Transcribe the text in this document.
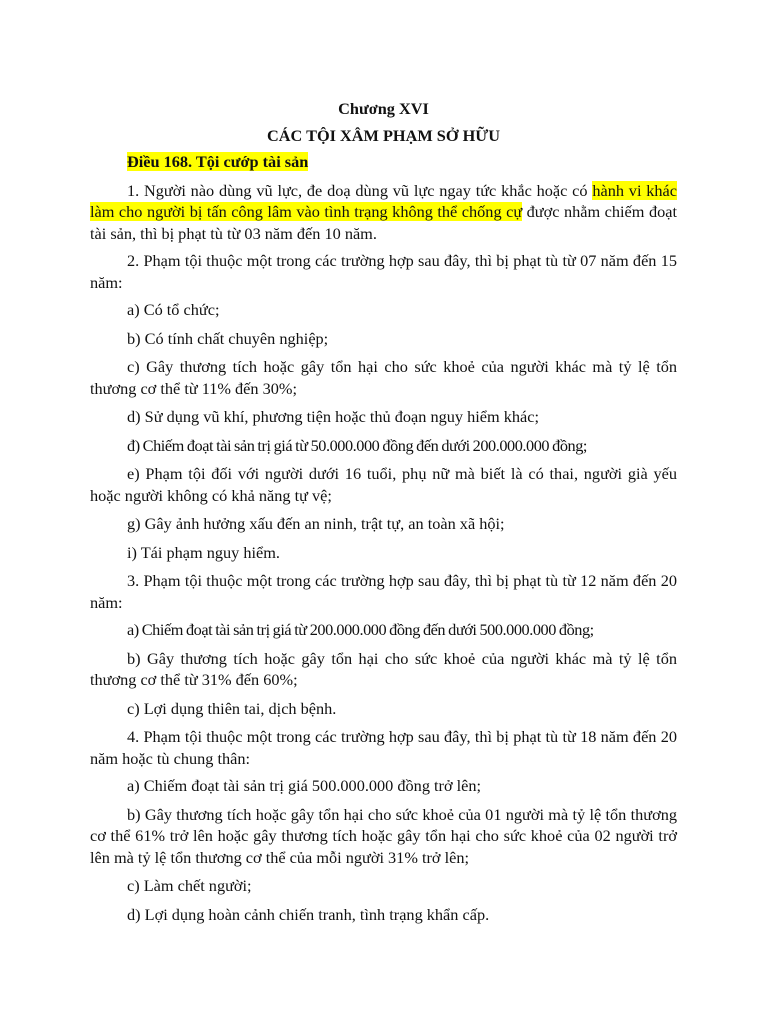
Chương XVI

CÁC TỘI XÂM PHẠM SỞ HỮU

Điều 168. Tội cướp tài sản

1. Người nào dùng vũ lực, đe doạ dùng vũ lực ngay tức khắc hoặc có hành vi khác làm cho người bị tấn công lâm vào tình trạng không thể chống cự được nhằm chiếm đoạt tài sản, thì bị phạt tù từ 03 năm đến 10 năm.

2. Phạm tội thuộc một trong các trường hợp sau đây, thì bị phạt tù từ 07 năm đến 15 năm:

a) Có tổ chức;

b) Có tính chất chuyên nghiệp;

c) Gây thương tích hoặc gây tổn hại cho sức khoẻ của người khác mà tỷ lệ tổn thương cơ thể từ 11% đến 30%;

d) Sử dụng vũ khí, phương tiện hoặc thủ đoạn nguy hiểm khác;

đ) Chiếm đoạt tài sản trị giá từ 50.000.000 đồng đến dưới 200.000.000 đồng;

e) Phạm tội đối với người dưới 16 tuổi, phụ nữ mà biết là có thai, người già yếu hoặc người không có khả năng tự vệ;

g) Gây ảnh hưởng xấu đến an ninh, trật tự, an toàn xã hội;

i) Tái phạm nguy hiểm.

3. Phạm tội thuộc một trong các trường hợp sau đây, thì bị phạt tù từ 12 năm đến 20 năm:

a) Chiếm đoạt tài sản trị giá từ 200.000.000 đồng đến dưới 500.000.000 đồng;

b) Gây thương tích hoặc gây tổn hại cho sức khoẻ của người khác mà tỷ lệ tổn thương cơ thể từ 31% đến 60%;

c) Lợi dụng thiên tai, dịch bệnh.

4. Phạm tội thuộc một trong các trường hợp sau đây, thì bị phạt tù từ 18 năm đến 20 năm hoặc tù chung thân:

a) Chiếm đoạt tài sản trị giá 500.000.000 đồng trở lên;

b) Gây thương tích hoặc gây tổn hại cho sức khoẻ của 01 người mà tỷ lệ tổn thương cơ thể 61% trở lên hoặc gây thương tích hoặc gây tổn hại cho sức khoẻ của 02 người trở lên mà tỷ lệ tổn thương cơ thể của mỗi người 31% trở lên;

c) Làm chết người;

d) Lợi dụng hoàn cảnh chiến tranh, tình trạng khẩn cấp.
